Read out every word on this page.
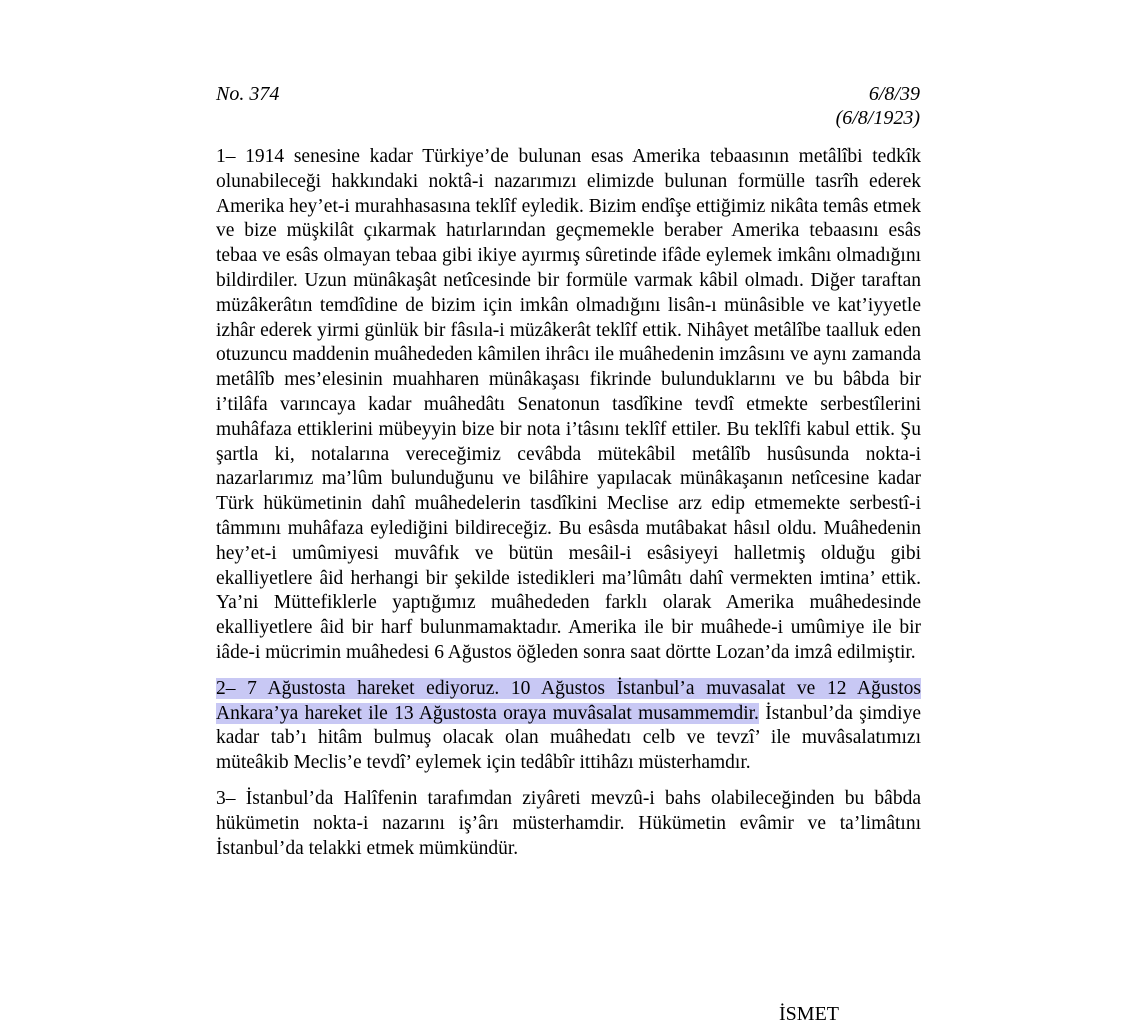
No. 374	6/8/39
(6/8/1923)

1– 1914 senesine kadar Türkiye’de bulunan esas Amerika tebaasının metâlîbi tedkîk olunabileceği hakkındaki noktâ-i nazarımızı elimizde bulunan formülle tasrîh ederek Amerika hey’et-i murahhasasına teklîf eyledik. Bizim endîşe ettiğimiz nikâta temâs etmek ve bize müşkilât çıkarmak hatırlarından geçmemekle beraber Amerika tebaasını esâs tebaa ve esâs olmayan tebaa gibi ikiye ayırmış sûretinde ifâde eylemek imkânı olmadığını bildirdiler. Uzun münâkaşât netîcesinde bir formüle varmak kâbil olmadı. Diğer taraftan müzâkerâtın temdîdine de bizim için imkân olmadığını lisân-ı münâsible ve kat’iyyetle izhâr ederek yirmi günlük bir fâsıla-i müzâkerât teklîf ettik. Nihâyet metâlîbe taalluk eden otuzuncu maddenin muâhededen kâmilen ihrâcı ile muâhedenin imzâsını ve aynı zamanda metâlîb mes’elesinin muahharen münâkaşası fikrinde bulunduklarını ve bu bâbda bir i’tilâfa varıncaya kadar muâhedâtı Senatonun tasdîkine tevdî etmekte serbestîlerini muhâfaza ettiklerini mübeyyin bize bir nota i’tâsını teklîf ettiler. Bu teklîfi kabul ettik. Şu şartla ki, notalarına vereceğimiz cevâbda mütekâbil metâlîb husûsunda nokta-i nazarlarımız ma’lûm bulunduğunu ve bilâhire yapılacak münâkaşanın netîcesine kadar Türk hükümetinin dahî muâhedelerin tasdîkini Meclise arz edip etmemekte serbestî-i tâmmını muhâfaza eylediğini bildireceğiz. Bu esâsda mutâbakat hâsıl oldu. Muâhedenin hey’et-i umûmiyesi muvâfık ve bütün mesâil-i esâsiyeyi halletmiş olduğu gibi ekalliyetlere âid herhangi bir şekilde istedikleri ma’lûmâtı dahî vermekten imtina’ ettik. Ya’ni Müttefiklerle yaptığımız muâhededen farklı olarak Amerika muâhedesinde ekalliyetlere âid bir harf bulunmamaktadır. Amerika ile bir muâhede-i umûmiye ile bir iâde-i mücrimin muâhedesi 6 Ağustos öğleden sonra saat dörtte Lozan’da imzâ edilmiştir.

2– 7 Ağustosta hareket ediyoruz. 10 Ağustos İstanbul’a muvasalat ve 12 Ağustos Ankara’ya hareket ile 13 Ağustosta oraya muvâsalat musammemdir. İstanbul’da şimdiye kadar tab’ı hitâm bulmuş olacak olan muâhedatı celb ve tevzî’ ile muvâsalatımızı müteâkib Meclis’e tevdî’ eylemek için tedâbîr ittihâzı müsterhamdır.

3– İstanbul’da Halîfenin tarafımdan ziyâreti mevzû-i bahs olabileceğinden bu bâbda hükümetin nokta-i nazarını iş’ârı müsterhamdir. Hükümetin evâmir ve ta’limâtını İstanbul’da telakki etmek mümkündür.

İSMET
